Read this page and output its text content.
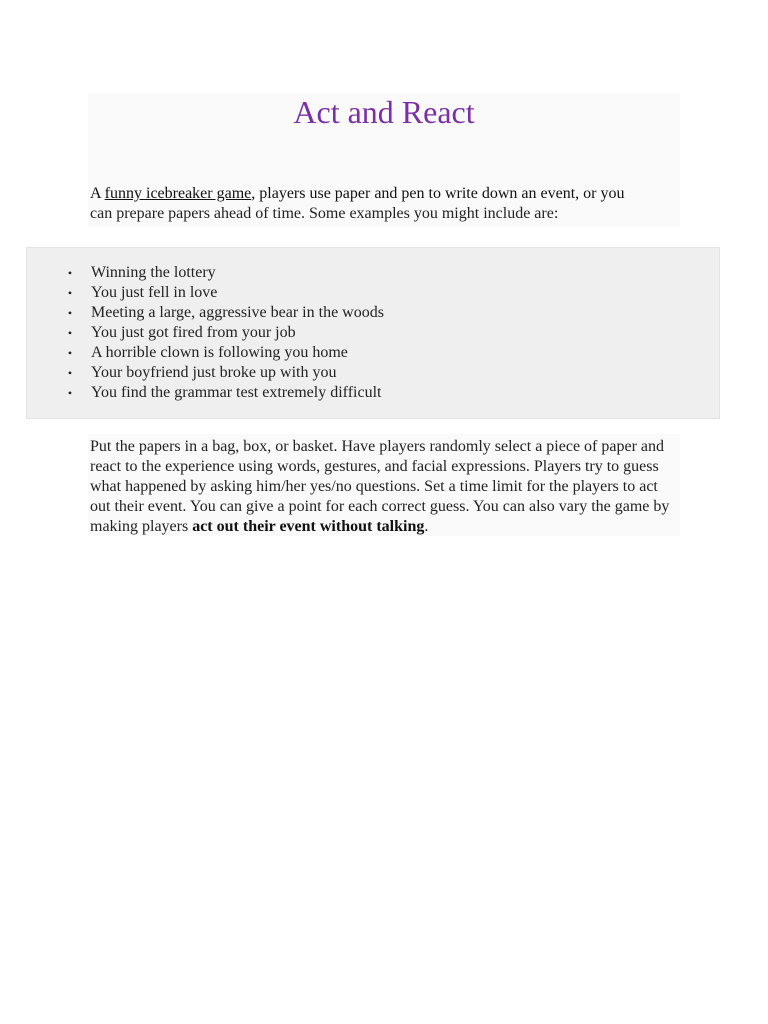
Act and React

A funny icebreaker game, players use paper and pen to write down an event, or you
can prepare papers ahead of time. Some examples you might include are:

• Winning the lottery
• You just fell in love
• Meeting a large, aggressive bear in the woods
• You just got fired from your job
• A horrible clown is following you home
• Your boyfriend just broke up with you
• You find the grammar test extremely difficult

Put the papers in a bag, box, or basket. Have players randomly select a piece of paper and react to the experience using words, gestures, and facial expressions. Players try to guess what happened by asking him/her yes/no questions. Set a time limit for the players to act out their event. You can give a point for each correct guess. You can also vary the game by making players act out their event without talking.
